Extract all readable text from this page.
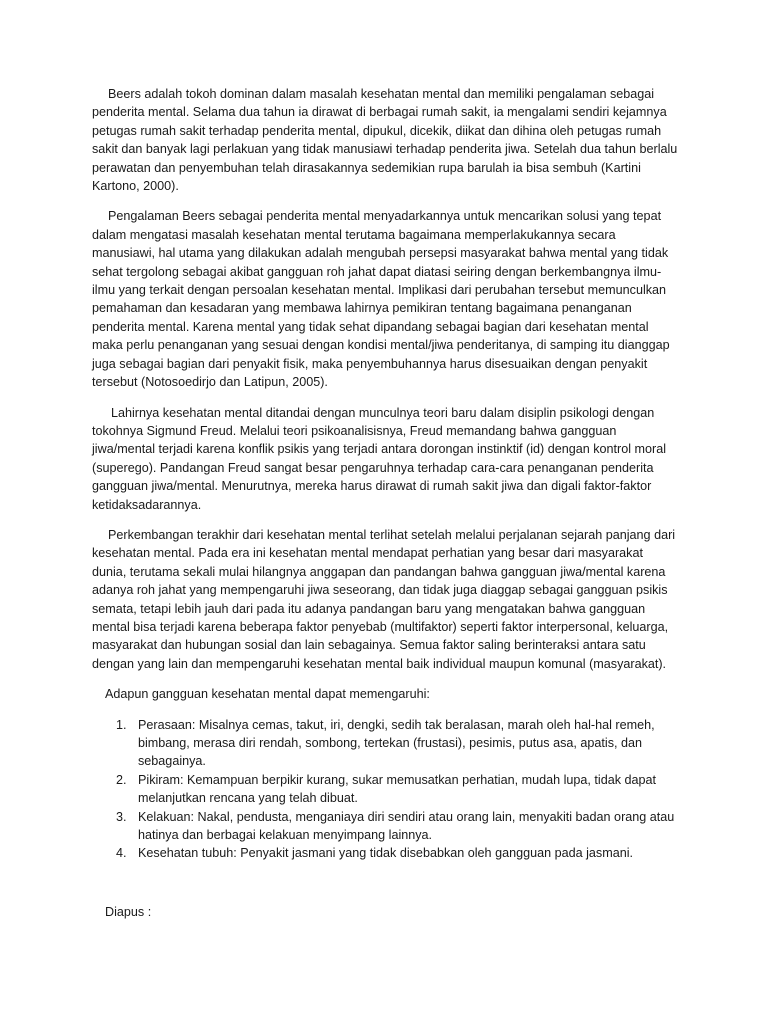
Beers adalah tokoh dominan dalam masalah kesehatan mental dan memiliki pengalaman sebagai penderita mental. Selama dua tahun ia dirawat di berbagai rumah sakit, ia mengalami sendiri kejamnya petugas rumah sakit terhadap penderita mental, dipukul, dicekik, diikat dan dihina oleh petugas rumah sakit dan banyak lagi perlakuan yang tidak manusiawi terhadap penderita jiwa. Setelah dua tahun berlalu perawatan dan penyembuhan telah dirasakannya sedemikian rupa barulah ia bisa sembuh (Kartini Kartono, 2000).

Pengalaman Beers sebagai penderita mental menyadarkannya untuk mencarikan solusi yang tepat dalam mengatasi masalah kesehatan mental terutama bagaimana memperlakukannya secara manusiawi, hal utama yang dilakukan adalah mengubah persepsi masyarakat bahwa mental yang tidak sehat tergolong sebagai akibat gangguan roh jahat dapat diatasi seiring dengan berkembangnya ilmu-ilmu yang terkait dengan persoalan kesehatan mental. Implikasi dari perubahan tersebut memunculkan pemahaman dan kesadaran yang membawa lahirnya pemikiran tentang bagaimana penanganan penderita mental. Karena mental yang tidak sehat dipandang sebagai bagian dari kesehatan mental maka perlu penanganan yang sesuai dengan kondisi mental/jiwa penderitanya, di samping itu dianggap juga sebagai bagian dari penyakit fisik, maka penyembuhannya harus disesuaikan dengan penyakit tersebut (Notosoedirjo dan Latipun, 2005).

Lahirnya kesehatan mental ditandai dengan munculnya teori baru dalam disiplin psikologi dengan tokohnya Sigmund Freud. Melalui teori psikoanalisisnya, Freud memandang bahwa gangguan jiwa/mental terjadi karena konflik psikis yang terjadi antara dorongan instinktif (id) dengan kontrol moral (superego). Pandangan Freud sangat besar pengaruhnya terhadap cara-cara penanganan penderita gangguan jiwa/mental. Menurutnya, mereka harus dirawat di rumah sakit jiwa dan digali faktor-faktor ketidaksadarannya.

Perkembangan terakhir dari kesehatan mental terlihat setelah melalui perjalanan sejarah panjang dari kesehatan mental. Pada era ini kesehatan mental mendapat perhatian yang besar dari masyarakat dunia, terutama sekali mulai hilangnya anggapan dan pandangan bahwa gangguan jiwa/mental karena adanya roh jahat yang mempengaruhi jiwa seseorang, dan tidak juga diaggap sebagai gangguan psikis semata, tetapi lebih jauh dari pada itu adanya pandangan baru yang mengatakan bahwa gangguan mental bisa terjadi karena beberapa faktor penyebab (multifaktor) seperti faktor interpersonal, keluarga, masyarakat dan hubungan sosial dan lain sebagainya. Semua faktor saling berinteraksi antara satu dengan yang lain dan mempengaruhi kesehatan mental baik individual maupun komunal (masyarakat).

Adapun gangguan kesehatan mental dapat memengaruhi:

1. Perasaan: Misalnya cemas, takut, iri, dengki, sedih tak beralasan, marah oleh hal-hal remeh, bimbang, merasa diri rendah, sombong, tertekan (frustasi), pesimis, putus asa, apatis, dan sebagainya.
2. Pikiram: Kemampuan berpikir kurang, sukar memusatkan perhatian, mudah lupa, tidak dapat melanjutkan rencana yang telah dibuat.
3. Kelakuan: Nakal, pendusta, menganiaya diri sendiri atau orang lain, menyakiti badan orang atau hatinya dan berbagai kelakuan menyimpang lainnya.
4. Kesehatan tubuh: Penyakit jasmani yang tidak disebabkan oleh gangguan pada jasmani.

Diapus :
